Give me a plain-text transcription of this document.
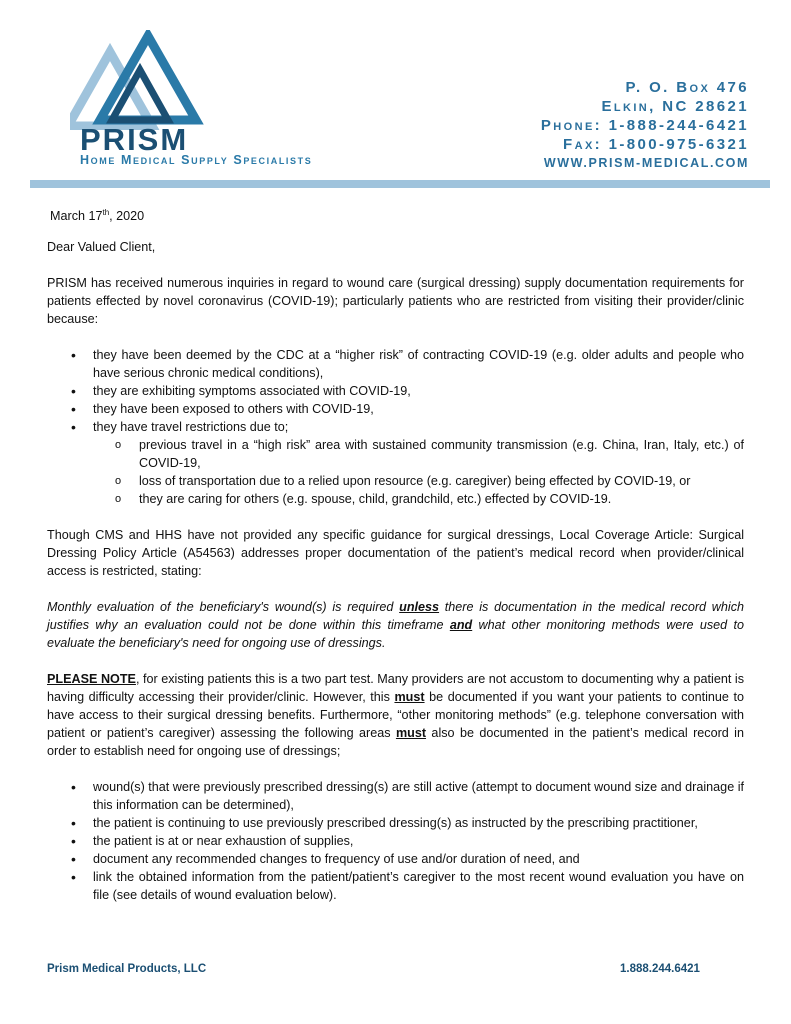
PRISM
Home Medical Supply Specialists
P. O. Box 476
Elkin, NC 28621
Phone: 1-888-244-6421
Fax: 1-800-975-6321
WWW.PRISM-MEDICAL.COM
March 17th, 2020

Dear Valued Client,

PRISM has received numerous inquiries in regard to wound care (surgical dressing) supply documentation requirements for patients effected by novel coronavirus (COVID-19); particularly patients who are restricted from visiting their provider/clinic because:

• they have been deemed by the CDC at a “higher risk” of contracting COVID-19 (e.g. older adults and people who have serious chronic medical conditions),
• they are exhibiting symptoms associated with COVID-19,
• they have been exposed to others with COVID-19,
• they have travel restrictions due to;
o previous travel in a “high risk” area with sustained community transmission (e.g. China, Iran, Italy, etc.) of COVID-19,
o loss of transportation due to a relied upon resource (e.g. caregiver) being effected by COVID-19, or
o they are caring for others (e.g. spouse, child, grandchild, etc.) effected by COVID-19.

Though CMS and HHS have not provided any specific guidance for surgical dressings, Local Coverage Article: Surgical Dressing Policy Article (A54563) addresses proper documentation of the patient’s medical record when provider/clinical access is restricted, stating:

Monthly evaluation of the beneficiary's wound(s) is required unless there is documentation in the medical record which justifies why an evaluation could not be done within this timeframe and what other monitoring methods were used to evaluate the beneficiary's need for ongoing use of dressings.

PLEASE NOTE, for existing patients this is a two part test. Many providers are not accustom to documenting why a patient is having difficulty accessing their provider/clinic. However, this must be documented if you want your patients to continue to have access to their surgical dressing benefits. Furthermore, “other monitoring methods” (e.g. telephone conversation with patient or patient’s caregiver) assessing the following areas must also be documented in the patient’s medical record in order to establish need for ongoing use of dressings;

• wound(s) that were previously prescribed dressing(s) are still active (attempt to document wound size and drainage if this information can be determined),
• the patient is continuing to use previously prescribed dressing(s) as instructed by the prescribing practitioner,
• the patient is at or near exhaustion of supplies,
• document any recommended changes to frequency of use and/or duration of need, and
• link the obtained information from the patient/patient’s caregiver to the most recent wound evaluation you have on file (see details of wound evaluation below).
Prism Medical Products, LLC	1.888.244.6421
